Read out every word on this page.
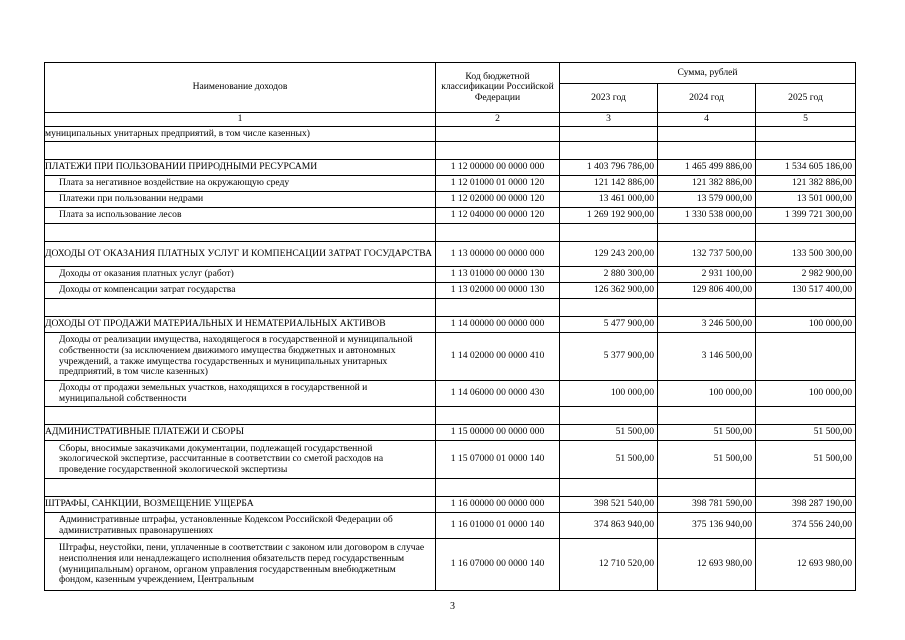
Наименование доходов	Код бюджетной классификации Российской Федерации	Сумма, рублей		
		2023 год	2024 год	2025 год
1	2	3	4	5
муниципальных унитарных предприятий, в том числе казенных)				

ПЛАТЕЖИ ПРИ ПОЛЬЗОВАНИИ ПРИРОДНЫМИ РЕСУРСАМИ	1 12 00000 00 0000 000	1 403 796 786,00	1 465 499 886,00	1 534 605 186,00
Плата за негативное воздействие на окружающую среду	1 12 01000 01 0000 120	121 142 886,00	121 382 886,00	121 382 886,00
Платежи при пользовании недрами	1 12 02000 00 0000 120	13 461 000,00	13 579 000,00	13 501 000,00
Плата за использование лесов	1 12 04000 00 0000 120	1 269 192 900,00	1 330 538 000,00	1 399 721 300,00

ДОХОДЫ ОТ ОКАЗАНИЯ ПЛАТНЫХ УСЛУГ И КОМПЕНСАЦИИ ЗАТРАТ ГОСУДАРСТВА	1 13 00000 00 0000 000	129 243 200,00	132 737 500,00	133 500 300,00
Доходы от оказания платных услуг (работ)	1 13 01000 00 0000 130	2 880 300,00	2 931 100,00	2 982 900,00
Доходы от компенсации затрат государства	1 13 02000 00 0000 130	126 362 900,00	129 806 400,00	130 517 400,00

ДОХОДЫ ОТ ПРОДАЖИ МАТЕРИАЛЬНЫХ И НЕМАТЕРИАЛЬНЫХ АКТИВОВ	1 14 00000 00 0000 000	5 477 900,00	3 246 500,00	100 000,00
Доходы от реализации имущества, находящегося в государственной и муниципальной собственности (за исключением движимого имущества бюджетных и автономных учреждений, а также имущества государственных и муниципальных унитарных предприятий, в том числе казенных)	1 14 02000 00 0000 410	5 377 900,00	3 146 500,00	
Доходы от продажи земельных участков, находящихся в государственной и муниципальной собственности	1 14 06000 00 0000 430	100 000,00	100 000,00	100 000,00

АДМИНИСТРАТИВНЫЕ ПЛАТЕЖИ И СБОРЫ	1 15 00000 00 0000 000	51 500,00	51 500,00	51 500,00
Сборы, вносимые заказчиками документации, подлежащей государственной экологической экспертизе, рассчитанные в соответствии со сметой расходов на проведение государственной экологической экспертизы	1 15 07000 01 0000 140	51 500,00	51 500,00	51 500,00

ШТРАФЫ, САНКЦИИ, ВОЗМЕЩЕНИЕ УЩЕРБА	1 16 00000 00 0000 000	398 521 540,00	398 781 590,00	398 287 190,00
Административные штрафы, установленные Кодексом Российской Федерации об административных правонарушениях	1 16 01000 01 0000 140	374 863 940,00	375 136 940,00	374 556 240,00
Штрафы, неустойки, пени, уплаченные в соответствии с законом или договором в случае неисполнения или ненадлежащего исполнения обязательств перед государственным (муниципальным) органом, органом управления государственным внебюджетным фондом, казенным учреждением, Центральным	1 16 07000 00 0000 140	12 710 520,00	12 693 980,00	12 693 980,00
3
